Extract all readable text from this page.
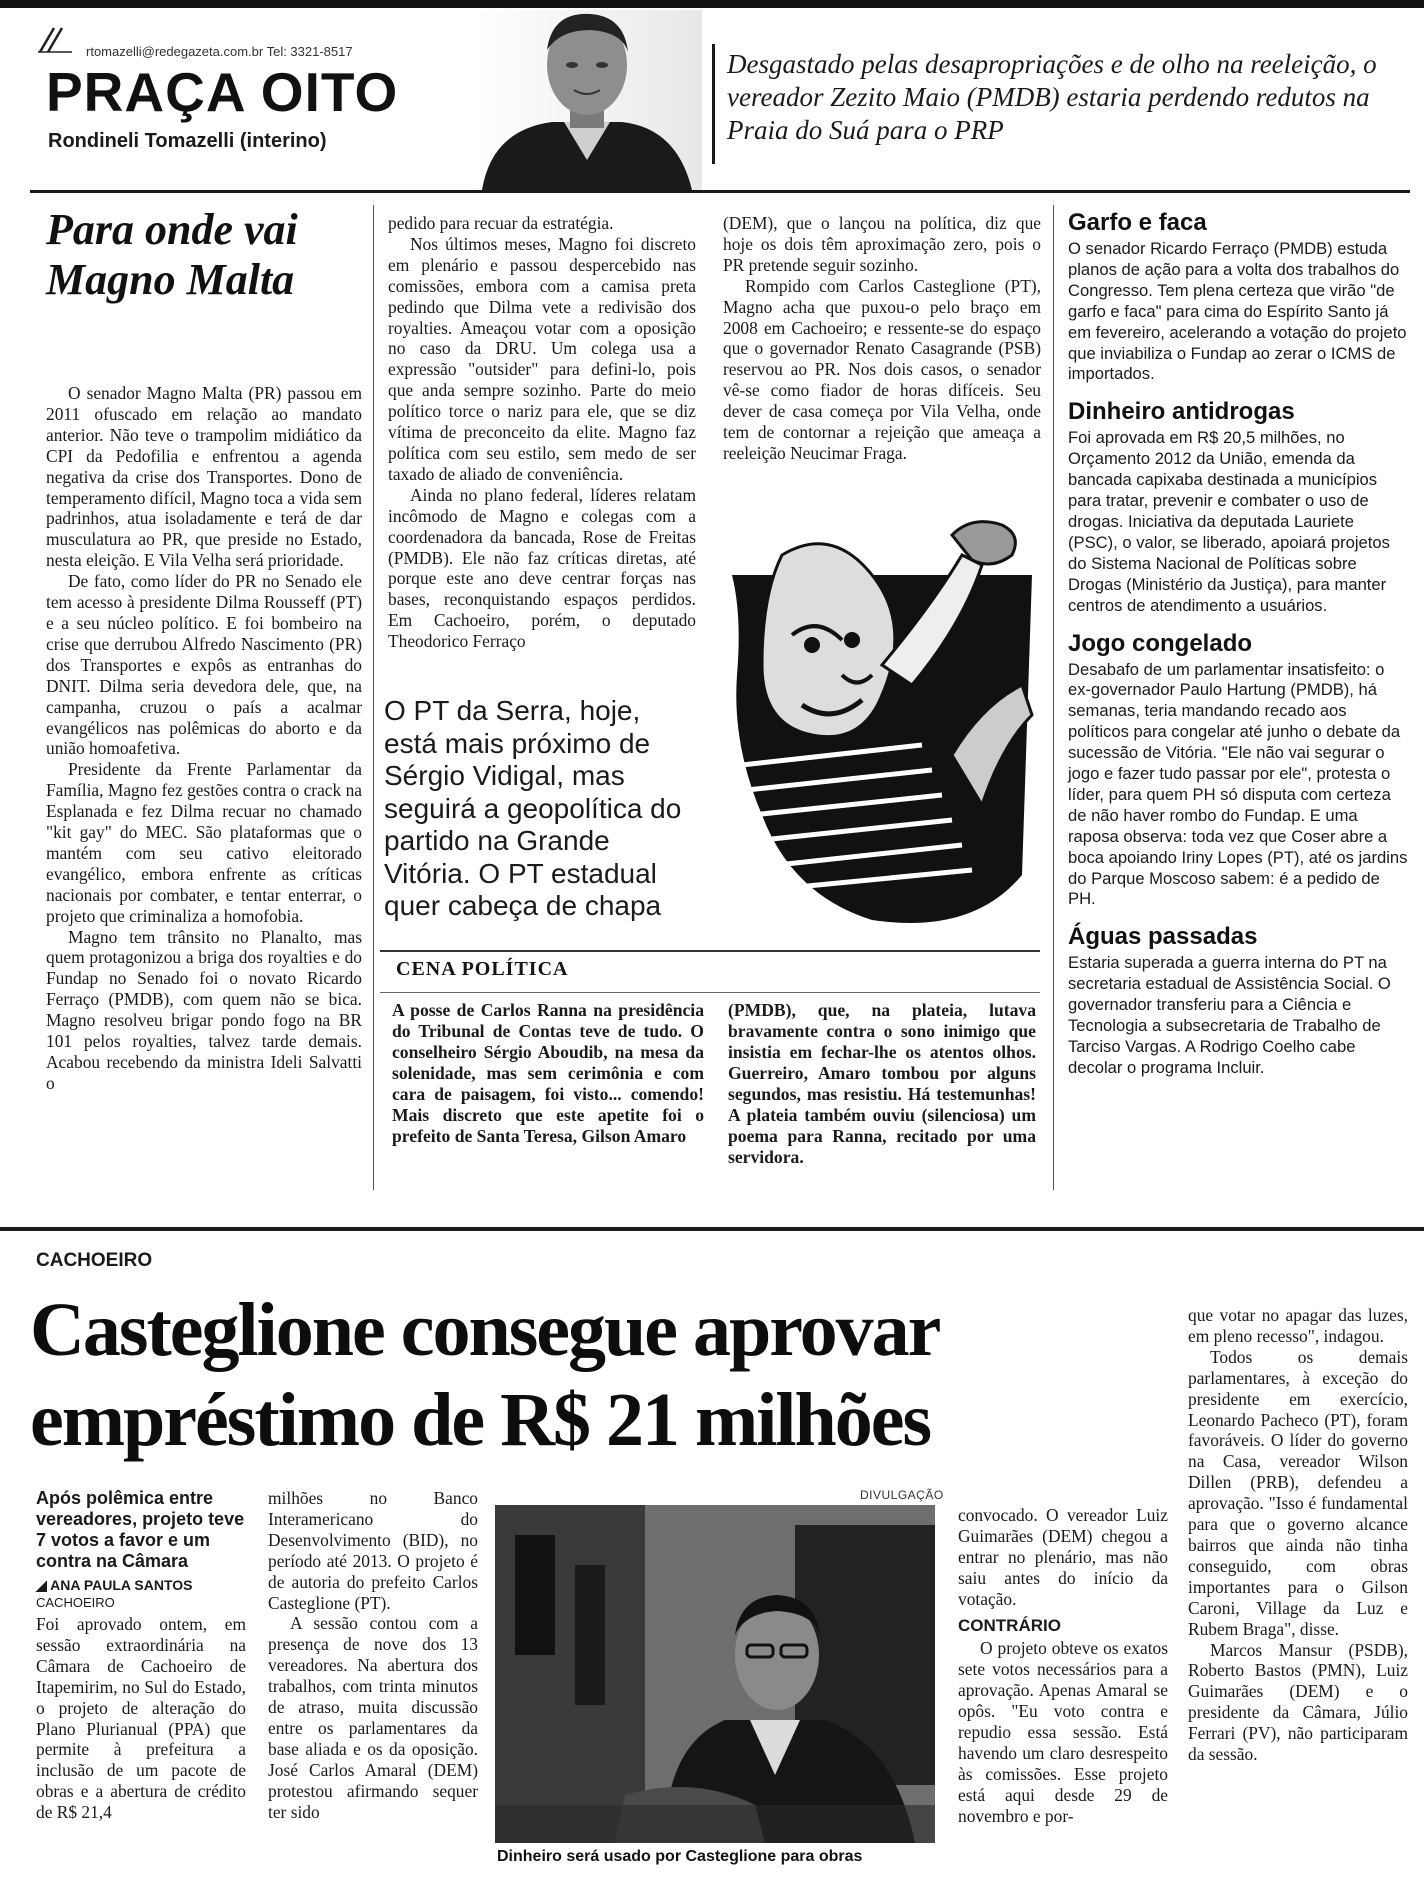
rtomazelli@redegazeta.com.br Tel: 3321-8517
PRAÇA OITO
Rondineli Tomazelli (interino)
Desgastado pelas desapropriações e de olho na reeleição, o vereador Zezito Maio (PMDB) estaria perdendo redutos na Praia do Suá para o PRP
Para onde vai Magno Malta

O senador Magno Malta (PR) passou em 2011 ofuscado em relação ao mandato anterior. Não teve o trampolim midiático da CPI da Pedofilia e enfrentou a agenda negativa da crise dos Transportes. Dono de temperamento difícil, Magno toca a vida sem padrinhos, atua isoladamente e terá de dar musculatura ao PR, que preside no Estado, nesta eleição. E Vila Velha será prioridade.

De fato, como líder do PR no Senado ele tem acesso à presidente Dilma Rousseff (PT) e a seu núcleo político. E foi bombeiro na crise que derrubou Alfredo Nascimento (PR) dos Transportes e expôs as entranhas do DNIT. Dilma seria devedora dele, que, na campanha, cruzou o país a acalmar evangélicos nas polêmicas do aborto e da união homoafetiva.

Presidente da Frente Parlamentar da Família, Magno fez gestões contra o crack na Esplanada e fez Dilma recuar no chamado "kit gay" do MEC. São plataformas que o mantém com seu cativo eleitorado evangélico, embora enfrente as críticas nacionais por combater, e tentar enterrar, o projeto que criminaliza a homofobia.

Magno tem trânsito no Planalto, mas quem protagonizou a briga dos royalties e do Fundap no Senado foi o novato Ricardo Ferraço (PMDB), com quem não se bica. Magno resolveu brigar pondo fogo na BR 101 pelos royalties, talvez tarde demais. Acabou recebendo da ministra Ideli Salvatti o

pedido para recuar da estratégia.

Nos últimos meses, Magno foi discreto em plenário e passou despercebido nas comissões, embora com a camisa preta pedindo que Dilma vete a redivisão dos royalties. Ameaçou votar com a oposição no caso da DRU. Um colega usa a expressão "outsider" para defini-lo, pois que anda sempre sozinho. Parte do meio político torce o nariz para ele, que se diz vítima de preconceito da elite. Magno faz política com seu estilo, sem medo de ser taxado de aliado de conveniência.

Ainda no plano federal, líderes relatam incômodo de Magno e colegas com a coordenadora da bancada, Rose de Freitas (PMDB). Ele não faz críticas diretas, até porque este ano deve centrar forças nas bases, reconquistando espaços perdidos. Em Cachoeiro, porém, o deputado Theodorico Ferraço

(DEM), que o lançou na política, diz que hoje os dois têm aproximação zero, pois o PR pretende seguir sozinho.

Rompido com Carlos Casteglione (PT), Magno acha que puxou-o pelo braço em 2008 em Cachoeiro; e ressente-se do espaço que o governador Renato Casagrande (PSB) reservou ao PR. Nos dois casos, o senador vê-se como fiador de horas difíceis. Seu dever de casa começa por Vila Velha, onde tem de contornar a rejeição que ameaça a reeleição Neucimar Fraga.

O PT da Serra, hoje, está mais próximo de Sérgio Vidigal, mas seguirá a geopolítica do partido na Grande Vitória. O PT estadual quer cabeça de chapa
CENA POLÍTICA
A posse de Carlos Ranna na presidência do Tribunal de Contas teve de tudo. O conselheiro Sérgio Aboudib, na mesa da solenidade, mas sem cerimônia e com cara de paisagem, foi visto... comendo! Mais discreto que este apetite foi o prefeito de Santa Teresa, Gilson Amaro
(PMDB), que, na plateia, lutava bravamente contra o sono inimigo que insistia em fechar-lhe os atentos olhos. Guerreiro, Amaro tombou por alguns segundos, mas resistiu. Há testemunhas! A plateia também ouviu (silenciosa) um poema para Ranna, recitado por uma servidora.
Garfo e faca
O senador Ricardo Ferraço (PMDB) estuda planos de ação para a volta dos trabalhos do Congresso. Tem plena certeza que virão "de garfo e faca" para cima do Espírito Santo já em fevereiro, acelerando a votação do projeto que inviabiliza o Fundap ao zerar o ICMS de importados.
Dinheiro antidrogas
Foi aprovada em R$ 20,5 milhões, no Orçamento 2012 da União, emenda da bancada capixaba destinada a municípios para tratar, prevenir e combater o uso de drogas. Iniciativa da deputada Lauriete (PSC), o valor, se liberado, apoiará projetos do Sistema Nacional de Políticas sobre Drogas (Ministério da Justiça), para manter centros de atendimento a usuários.
Jogo congelado
Desabafo de um parlamentar insatisfeito: o ex-governador Paulo Hartung (PMDB), há semanas, teria mandando recado aos políticos para congelar até junho o debate da sucessão de Vitória. "Ele não vai segurar o jogo e fazer tudo passar por ele", protesta o líder, para quem PH só disputa com certeza de não haver rombo do Fundap. E uma raposa observa: toda vez que Coser abre a boca apoiando Iriny Lopes (PT), até os jardins do Parque Moscoso sabem: é a pedido de PH.
Águas passadas
Estaria superada a guerra interna do PT na secretaria estadual de Assistência Social. O governador transferiu para a Ciência e Tecnologia a subsecretaria de Trabalho de Tarciso Vargas. A Rodrigo Coelho cabe decolar o programa Incluir.
CACHOEIRO
Casteglione consegue aprovar empréstimo de R$ 21 milhões
Após polêmica entre vereadores, projeto teve 7 votos a favor e um contra na Câmara
◢ ANA PAULA SANTOS
CACHOEIRO

Foi aprovado ontem, em sessão extraordinária na Câmara de Cachoeiro de Itapemirim, no Sul do Estado, o projeto de alteração do Plano Plurianual (PPA) que permite à prefeitura a inclusão de um pacote de obras e a abertura de crédito de R$ 21,4

milhões no Banco Interamericano do Desenvolvimento (BID), no período até 2013. O projeto é de autoria do prefeito Carlos Casteglione (PT).

A sessão contou com a presença de nove dos 13 vereadores. Na abertura dos trabalhos, com trinta minutos de atraso, muita discussão entre os parlamentares da base aliada e os da oposição. José Carlos Amaral (DEM) protestou afirmando sequer ter sido

DIVULGAÇÃO
Dinheiro será usado por Casteglione para obras

convocado. O vereador Luiz Guimarães (DEM) chegou a entrar no plenário, mas não saiu antes do início da votação.

CONTRÁRIO

O projeto obteve os exatos sete votos necessários para a aprovação. Apenas Amaral se opôs. "Eu voto contra e repudio essa sessão. Está havendo um claro desrespeito às comissões. Esse projeto está aqui desde 29 de novembro e por-

que votar no apagar das luzes, em pleno recesso", indagou.

Todos os demais parlamentares, à exceção do presidente em exercício, Leonardo Pacheco (PT), foram favoráveis. O líder do governo na Casa, vereador Wilson Dillen (PRB), defendeu a aprovação. "Isso é fundamental para que o governo alcance bairros que ainda não tinha conseguido, com obras importantes para o Gilson Caroni, Village da Luz e Rubem Braga", disse.

Marcos Mansur (PSDB), Roberto Bastos (PMN), Luiz Guimarães (DEM) e o presidente da Câmara, Júlio Ferrari (PV), não participaram da sessão.
